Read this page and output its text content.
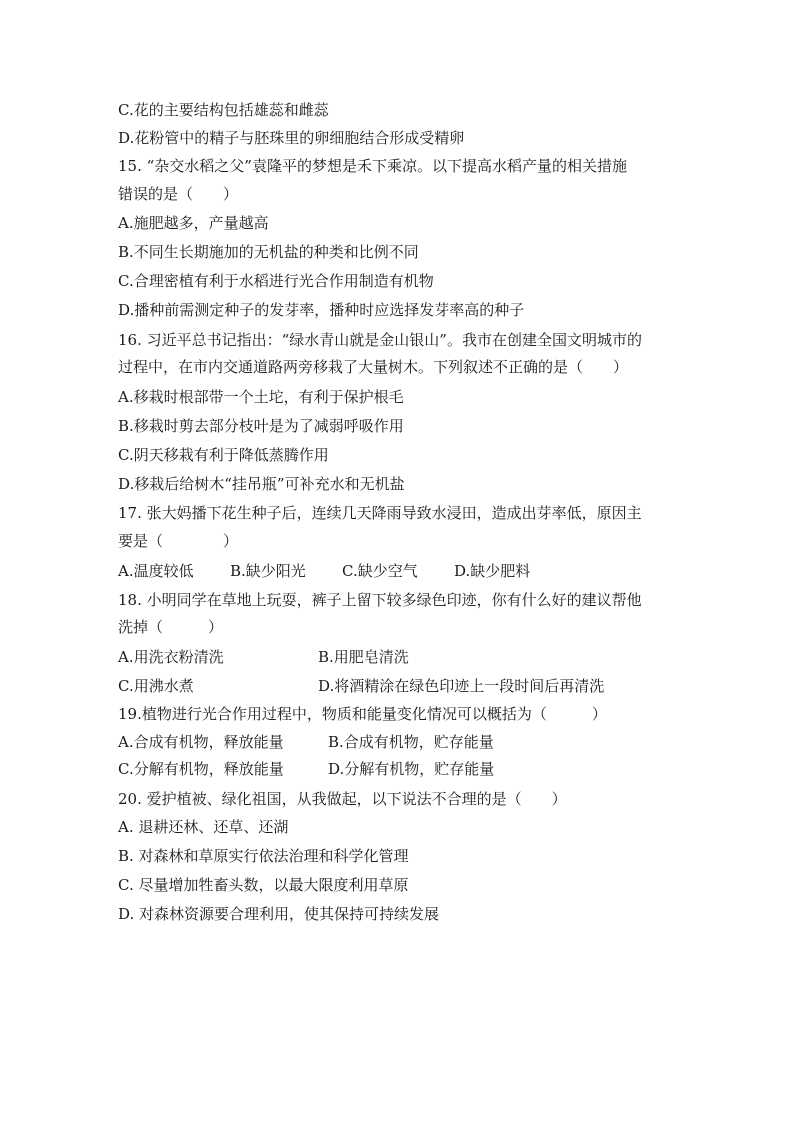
C.花的主要结构包括雄蕊和雌蕊
D.花粉管中的精子与胚珠里的卵细胞结合形成受精卵
15. “杂交水稻之父”袁隆平的梦想是禾下乘凉。以下提高水稻产量的相关措施
错误的是（　　）
A.施肥越多，产量越高
B.不同生长期施加的无机盐的种类和比例不同
C.合理密植有利于水稻进行光合作用制造有机物
D.播种前需测定种子的发芽率，播种时应选择发芽率高的种子
16. 习近平总书记指出：“绿水青山就是金山银山”。我市在创建全国文明城市的
过程中，在市内交通道路两旁移栽了大量树木。下列叙述不正确的是（　　）
A.移栽时根部带一个土坨，有利于保护根毛
B.移栽时剪去部分枝叶是为了减弱呼吸作用
C.阴天移栽有利于降低蒸腾作用
D.移栽后给树木“挂吊瓶”可补充水和无机盐
17. 张大妈播下花生种子后，连续几天降雨导致水浸田，造成出芽率低，原因主
要是（　　　　）
A.温度较低 B.缺少阳光 C.缺少空气 D.缺少肥料
18. 小明同学在草地上玩耍，裤子上留下较多绿色印迹，你有什么好的建议帮他
洗掉（　　　）
A.用洗衣粉清洗	B.用肥皂清洗
C.用沸水煮	D.将酒精涂在绿色印迹上一段时间后再清洗
19.植物进行光合作用过程中，物质和能量变化情况可以概括为（　　　）
A.合成有机物，释放能量	B.合成有机物，贮存能量
C.分解有机物，释放能量	D.分解有机物，贮存能量
20. 爱护植被、绿化祖国，从我做起，以下说法不合理的是（　　）
A. 退耕还林、还草、还湖
B. 对森林和草原实行依法治理和科学化管理
C. 尽量增加牲畜头数，以最大限度利用草原
D. 对森林资源要合理利用，使其保持可持续发展
